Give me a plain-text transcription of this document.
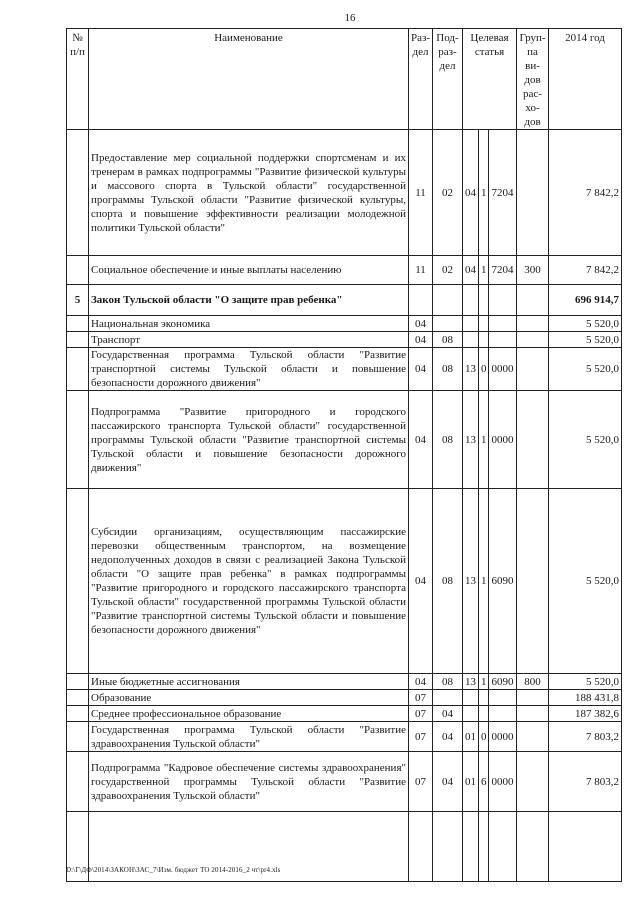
16
№ п/п	Наименование	Раз-дел	Под-раз-дел	Целевая статья			Груп-па ви-дов рас-хо-дов	2014 год
	Предоставление мер социальной поддержки спортсменам и их тренерам в рамках подпрограммы "Развитие физической культуры и массового спорта в Тульской области" государственной программы Тульской области "Развитие физической культуры, спорта и повышение эффективности реализации молодежной политики Тульской области"	11	02	04	1	7204		7 842,2
	Социальное обеспечение и иные выплаты населению	11	02	04	1	7204	300	7 842,2
5	Закон Тульской области "О защите прав ребенка"							696 914,7
	Национальная экономика	04						5 520,0
	Транспорт	04	08					5 520,0
	Государственная программа Тульской области "Развитие транспортной системы Тульской области и повышение безопасности дорожного движения"	04	08	13	0	0000		5 520,0
	Подпрограмма "Развитие пригородного и городского пассажирского транспорта Тульской области" государственной программы Тульской области "Развитие транспортной системы Тульской области и повышение безопасности дорожного движения"	04	08	13	1	0000		5 520,0
	Субсидии организациям, осуществляющим пассажирские перевозки общественным транспортом, на возмещение недополученных доходов в связи с реализацией Закона Тульской области "О защите прав ребенка" в рамках подпрограммы "Развитие пригородного и городского пассажирского транспорта Тульской области" государственной программы Тульской области "Развитие транспортной системы Тульской области и повышение безопасности дорожного движения"	04	08	13	1	6090		5 520,0
	Иные бюджетные ассигнования	04	08	13	1	6090	800	5 520,0
	Образование	07						188 431,8
	Среднее профессиональное образование	07	04					187 382,6
	Государственная программа Тульской области "Развитие здравоохранения Тульской области"	07	04	01	0	0000		7 803,2
	Подпрограмма "Кадровое обеспечение системы здравоохранения" государственной программы Тульской области "Развитие здравоохранения Тульской области"	07	04	01	6	0000		7 803,2

D:\Г\ДФ\2014\ЗАКОН\ЗАС_7\Изм. бюджет ТО 2014-2016_2 чт\pr4.xls
